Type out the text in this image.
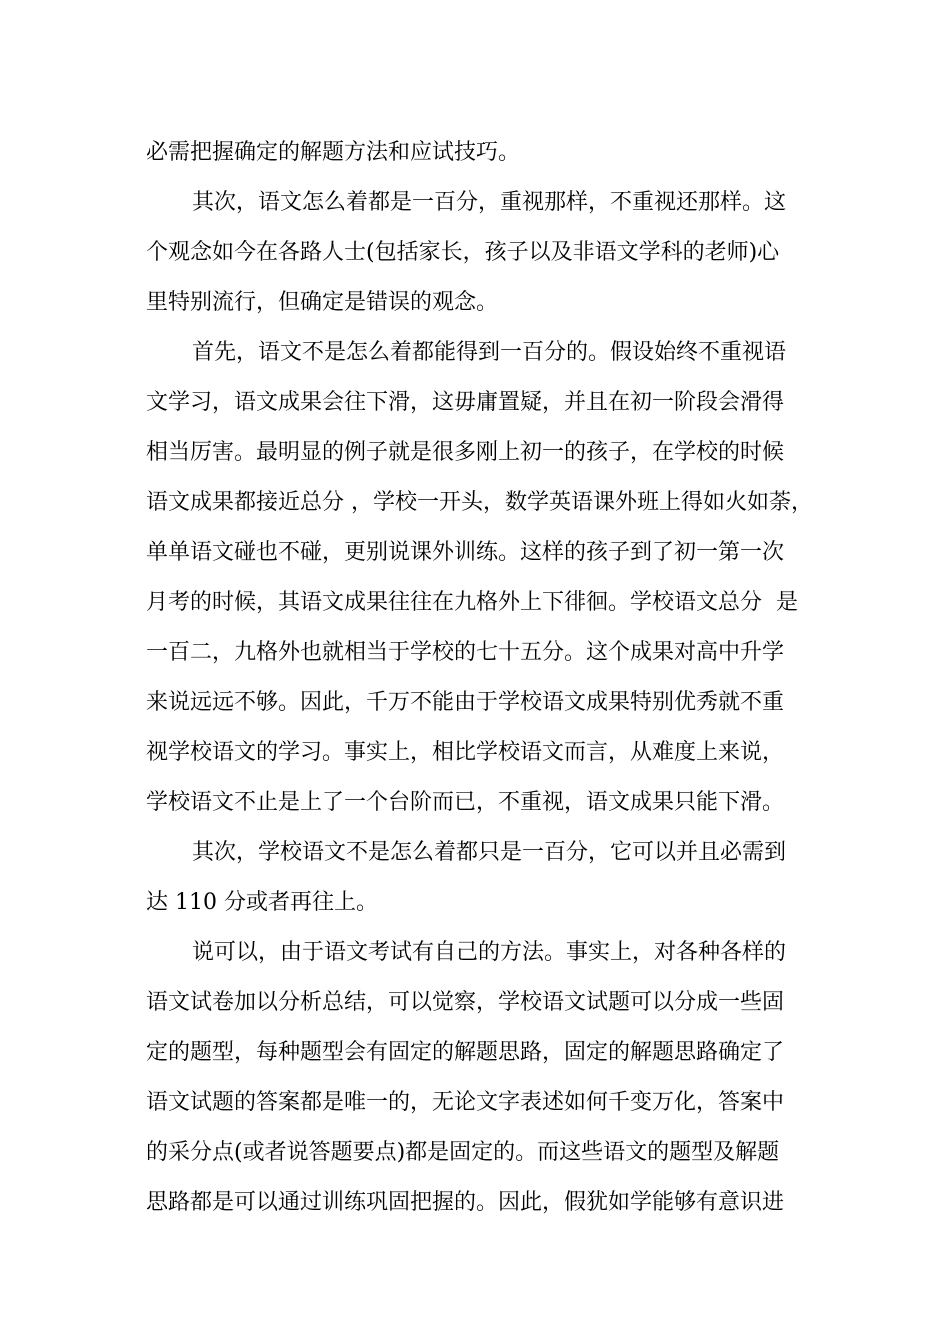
必需把握确定的解题方法和应试技巧。
其次，语文怎么着都是一百分，重视那样，不重视还那样。这
个观念如今在各路人士(包括家长，孩子以及非语文学科的老师)心
里特别流行，但确定是错误的观念。
首先，语文不是怎么着都能得到一百分的。假设始终不重视语
文学习，语文成果会往下滑，这毋庸置疑，并且在初一阶段会滑得
相当厉害。最明显的例子就是很多刚上初一的孩子，在学校的时候
语文成果都接近总分 ，学校一开头，数学英语课外班上得如火如荼，
单单语文碰也不碰，更别说课外训练。这样的孩子到了初一第一次
月考的时候，其语文成果往往在九格外上下徘徊。学校语文总分  是
一百二，九格外也就相当于学校的七十五分。这个成果对高中升学
来说远远不够。因此，千万不能由于学校语文成果特别优秀就不重
视学校语文的学习。事实上，相比学校语文而言，从难度上来说，
学校语文不止是上了一个台阶而已，不重视，语文成果只能下滑。
其次，学校语文不是怎么着都只是一百分，它可以并且必需到
达 110 分或者再往上。
说可以，由于语文考试有自己的方法。事实上，对各种各样的
语文试卷加以分析总结，可以觉察，学校语文试题可以分成一些固
定的题型，每种题型会有固定的解题思路，固定的解题思路确定了
语文试题的答案都是唯一的，无论文字表述如何千变万化，答案中
的采分点(或者说答题要点)都是固定的。而这些语文的题型及解题
思路都是可以通过训练巩固把握的。因此，假犹如学能够有意识进
